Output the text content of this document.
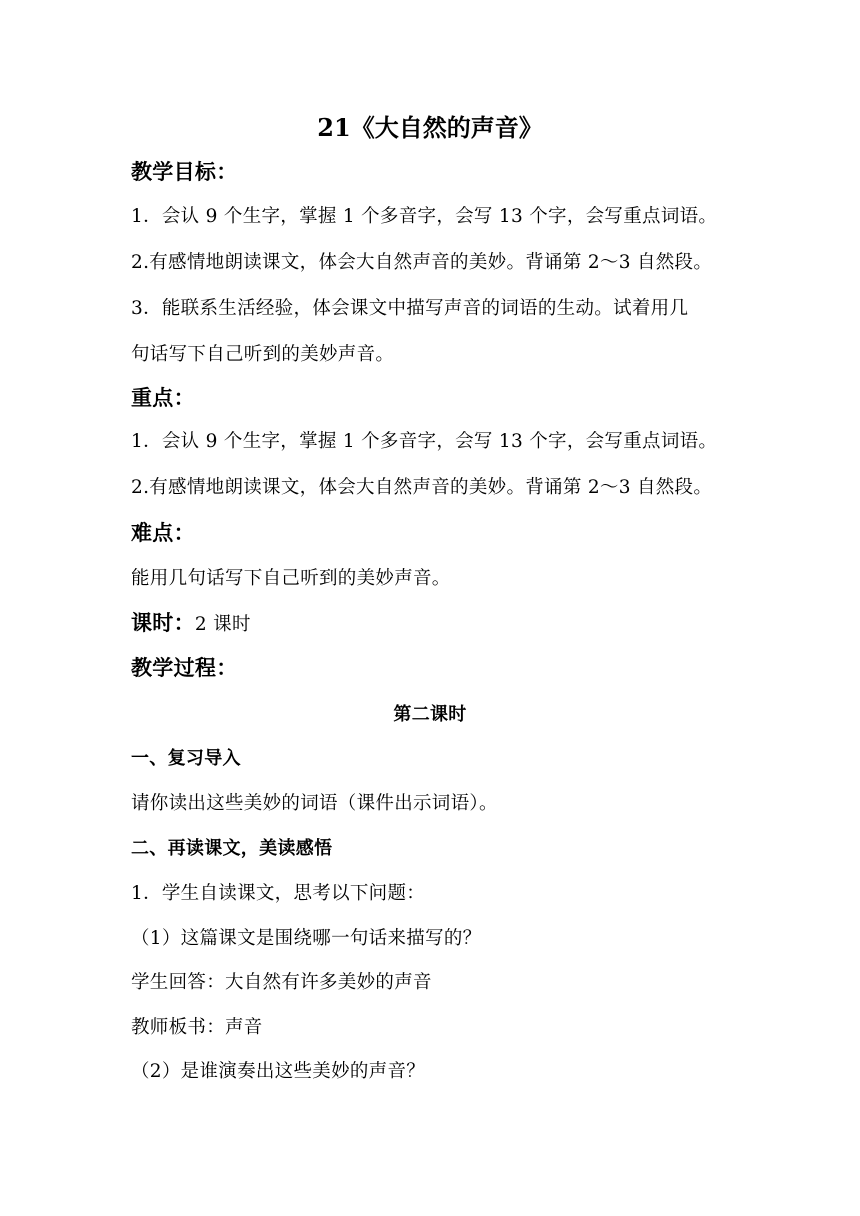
21《大自然的声音》
教学目标：
1．会认 9 个生字，掌握 1 个多音字，会写 13 个字，会写重点词语。
2.有感情地朗读课文，体会大自然声音的美妙。背诵第 2～3 自然段。
3．能联系生活经验，体会课文中描写声音的词语的生动。试着用几
句话写下自己听到的美妙声音。
重点：
1．会认 9 个生字，掌握 1 个多音字，会写 13 个字，会写重点词语。
2.有感情地朗读课文，体会大自然声音的美妙。背诵第 2～3 自然段。
难点：
能用几句话写下自己听到的美妙声音。
课时：2 课时
教学过程：
第二课时
一、复习导入
请你读出这些美妙的词语（课件出示词语）。
二、再读课文，美读感悟
1．学生自读课文，思考以下问题：
（1）这篇课文是围绕哪一句话来描写的？
学生回答：大自然有许多美妙的声音
教师板书：声音
（2）是谁演奏出这些美妙的声音？
